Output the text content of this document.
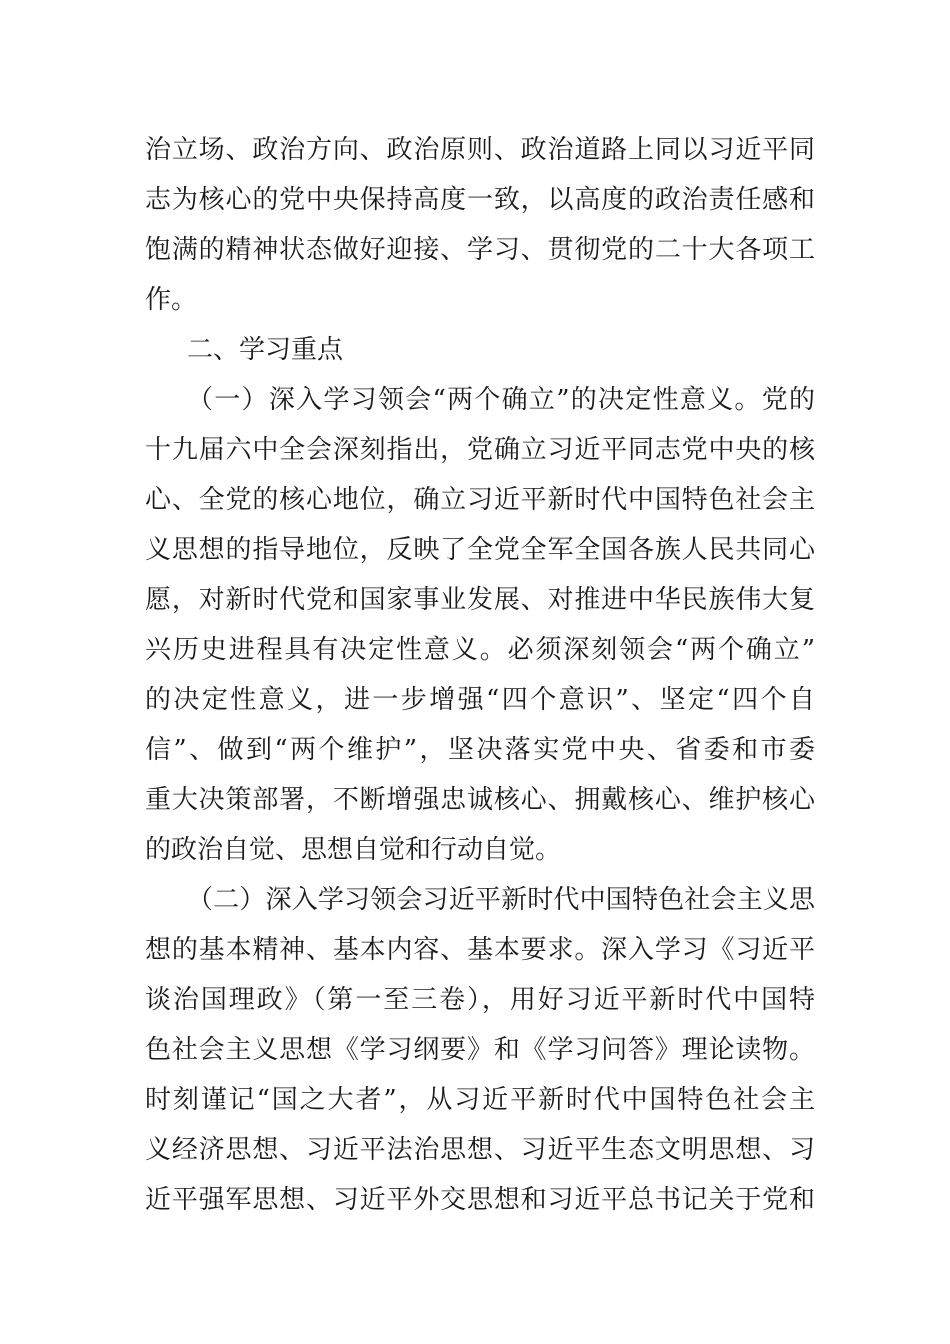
治立场、政治方向、政治原则、政治道路上同以习近平同
志为核心的党中央保持高度一致，以高度的政治责任感和
饱满的精神状态做好迎接、学习、贯彻党的二十大各项工
作。
二、学习重点
（一）深入学习领会“两个确立”的决定性意义。党的
十九届六中全会深刻指出，党确立习近平同志党中央的核
心、全党的核心地位，确立习近平新时代中国特色社会主
义思想的指导地位，反映了全党全军全国各族人民共同心
愿，对新时代党和国家事业发展、对推进中华民族伟大复
兴历史进程具有决定性意义。必须深刻领会“两个确立”
的决定性意义，进一步增强“四个意识”、坚定“四个自
信”、做到“两个维护”，坚决落实党中央、省委和市委
重大决策部署，不断增强忠诚核心、拥戴核心、维护核心
的政治自觉、思想自觉和行动自觉。
（二）深入学习领会习近平新时代中国特色社会主义思
想的基本精神、基本内容、基本要求。深入学习《习近平
谈治国理政》（第一至三卷），用好习近平新时代中国特
色社会主义思想《学习纲要》和《学习问答》理论读物。
时刻谨记“国之大者”，从习近平新时代中国特色社会主
义经济思想、习近平法治思想、习近平生态文明思想、习
近平强军思想、习近平外交思想和习近平总书记关于党和
